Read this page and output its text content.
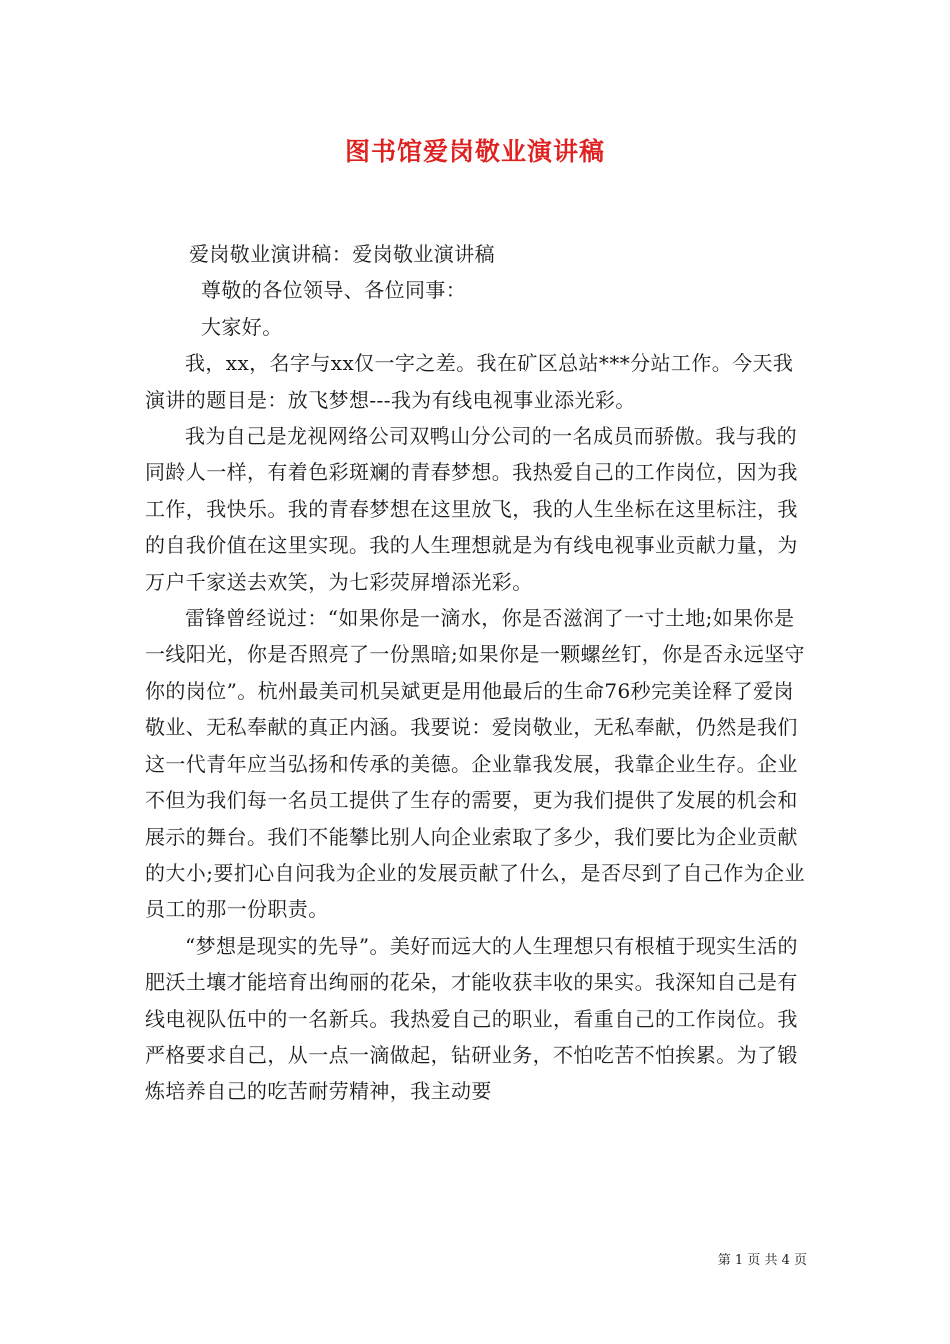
图书馆爱岗敬业演讲稿

爱岗敬业演讲稿：爱岗敬业演讲稿

尊敬的各位领导、各位同事：

大家好。

我，xx，名字与xx仅一字之差。我在矿区总站***分站工作。今天我演讲的题目是：放飞梦想---我为有线电视事业添光彩。

我为自己是龙视网络公司双鸭山分公司的一名成员而骄傲。我与我的同龄人一样，有着色彩斑斓的青春梦想。我热爱自己的工作岗位，因为我工作，我快乐。我的青春梦想在这里放飞，我的人生坐标在这里标注，我的自我价值在这里实现。我的人生理想就是为有线电视事业贡献力量，为万户千家送去欢笑，为七彩荧屏增添光彩。

雷锋曾经说过：“如果你是一滴水，你是否滋润了一寸土地;如果你是一线阳光，你是否照亮了一份黑暗;如果你是一颗螺丝钉，你是否永远坚守你的岗位”。杭州最美司机吴斌更是用他最后的生命76秒完美诠释了爱岗敬业、无私奉献的真正内涵。我要说：爱岗敬业，无私奉献，仍然是我们这一代青年应当弘扬和传承的美德。企业靠我发展，我靠企业生存。企业不但为我们每一名员工提供了生存的需要，更为我们提供了发展的机会和展示的舞台。我们不能攀比别人向企业索取了多少，我们要比为企业贡献的大小;要扪心自问我为企业的发展贡献了什么，是否尽到了自己作为企业员工的那一份职责。

“梦想是现实的先导”。美好而远大的人生理想只有根植于现实生活的肥沃土壤才能培育出绚丽的花朵，才能收获丰收的果实。我深知自己是有线电视队伍中的一名新兵。我热爱自己的职业，看重自己的工作岗位。我严格要求自己，从一点一滴做起，钻研业务，不怕吃苦不怕挨累。为了锻炼培养自己的吃苦耐劳精神，我主动要

第 1 页 共 4 页
